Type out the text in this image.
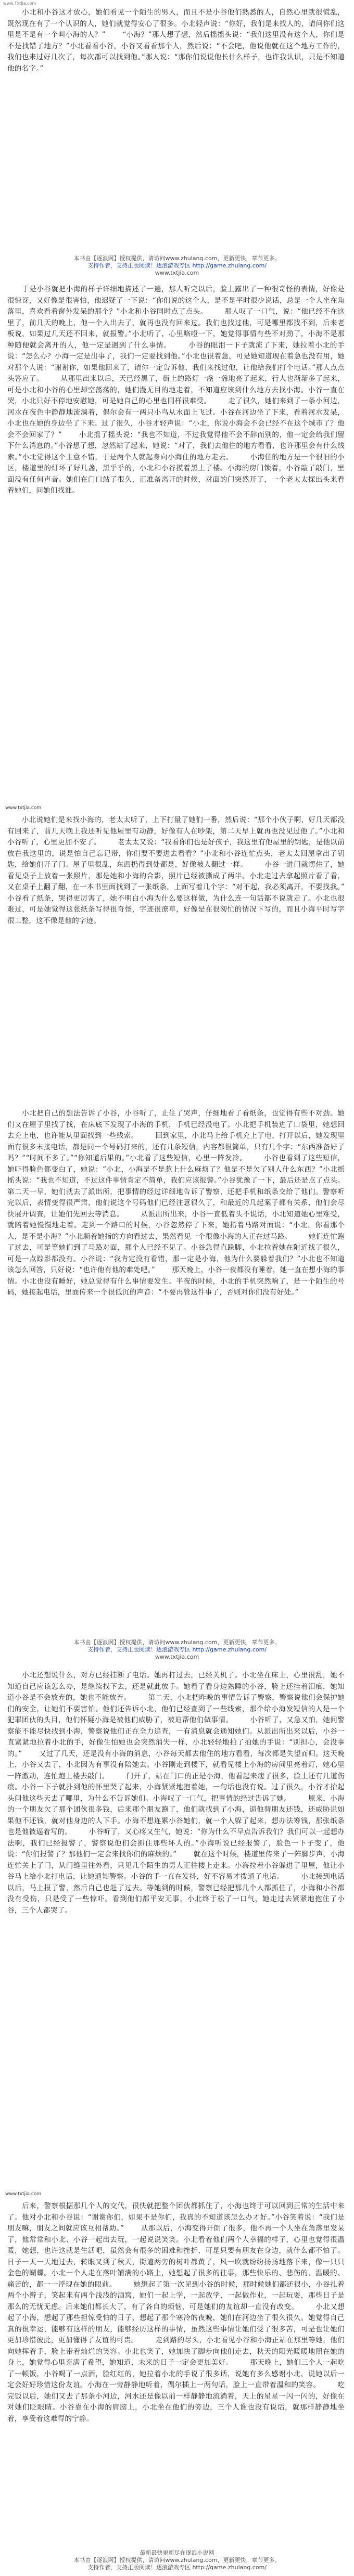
www.TxtJia.com
　　小北和小谷这才放心，她们看见一个陌生的男人，而且不是小谷他们熟悉的人，自然心里就很慌乱，既然现在有了一个认识的人，她们就觉得安心了很多。小北轻声说：“你好，我们是来找人的，请问你们这里是不是有一个叫小海的人？” 　　“小海？”那人想了想，然后摇摇头说：“我们这里没有这个人，你们是不是找错了地方？”小北看看小谷，小谷又看看那个人，然后说：“不会吧，他说他就在这个地方工作的，我们也来过好几次了，每次都可以找到他。”那人说：“那你们说说他长什么样子，也许我认识，只是不知道他的名字。”
本书由【逐浪网】授权提供，请访问www.zhulang.com，更新更快，章节更多。
支持作者，支持正版阅读！逐浪游戏专区 http://game.zhulang.com/
www.txtjia.com
　　于是小谷就把小海的样子详细地描述了一遍，那人听完以后，脸上露出了一种很奇怪的表情，好像是很惊讶，又好像是很害怕，他迟疑了一下说：“你们说的这个人，是不是平时很少说话，总是一个人坐在角落里，喜欢看着窗外发呆的那个？”小北和小谷同时点了点头。 　　那人叹了一口气，说：“他已经不在这里了，前几天的晚上，他一个人出去了，就再也没有回来过。我们也找过他，可是哪里都找不到，后来老板说，如果过几天还不回来，就报警。”小北听了，心里咯噔一下，她觉得事情有些不对劲了，小海不是那种随便就会离开的人，他一定是遇到了什么事情。 　　小谷的眼泪一下子就流了下来，她拉着小北的手说：“怎么办？小海一定是出事了，我们一定要找到他。”小北也很着急，可是她知道现在着急也没有用，她对那个人说：“谢谢你，如果他回来了，请你一定告诉他，我们来找过他，让他给我们打个电话。”那人点点头答应了。 　　从那里出来以后，天已经黑了，街上的路灯一盏一盏地亮了起来，行人也渐渐多了起来，可是小北和小谷的心里却空荡荡的，她们漫无目的地走着，不知道应该到什么地方去找小海。小谷一直在哭，小北只好不停地安慰她，可是她自己的心里也同样很难受。 　　走了很久，她们来到了一条小河边，河水在夜色中静静地流淌着，偶尔会有一两只小鸟从水面上飞过。小谷在河边坐了下来，看着河水发呆，小北也在她的身边坐了下来。过了很久，小谷才轻声说：“小北，你说小海会不会已经不在这个城市了？他会不会回家了？” 　　小北摇了摇头说：“我也不知道，不过我觉得他不会不辞而别的，他一定会给我们留下什么消息的。”小谷想了想，忽然站了起来，她说：“对了，我们去他住的地方看看，也许那里会有什么线索。”小北觉得这个主意不错，于是两个人就起身向小海住的地方走去。 　　小海住的地方是一个很旧的小区，楼道里的灯坏了好几盏，黑乎乎的，小北和小谷摸着黑上了楼。小海的房门锁着，小谷敲了敲门，里面没有任何声音。她们在门口站了很久，正准备离开的时候，对面的门突然开了，一个老太太探出头来看着她们，问她们找谁。
www.txtjia.com
　　小北说她们是来找小海的，老太太听了，上下打量了她们一番，然后说：“那个小伙子啊，好几天都没有回来了，前几天晚上我还听见他屋里有动静，好像有人在吵架，第二天早上就再也没见过他了。”小北和小谷听了，心里更加不安了。 　　老太太又说：“我看你们也是好孩子，我这里有他屋里的钥匙，是他以前放在我这里的，说是怕自己忘记带，你们要不要进去看看？”小北和小谷连忙点头，老太太回屋拿出了钥匙，给她们开了门。屋子里很乱，东西扔得到处都是，好像被人翻过一样。 　　小谷一进门就愣住了，她看见桌子上放着一张照片，那是她和小海的合影，照片已经被撕成了两半。小北走过去拿起照片看了看，又在桌子上翻了翻，在一本书里面找到了一张纸条，上面写着几个字：“对不起，我必须离开，不要找我。” 　　小谷看了纸条，哭得更厉害了，她不明白小海为什么要这样做，为什么连一句话都不说就走了。小北也很难过，可是她觉得这张纸条写得很奇怪，字迹很潦草，好像是在很匆忙的情况下写的，而且小海平时写字很工整，这不像是他的字迹。
　　小北把自己的想法告诉了小谷，小谷听了，止住了哭声，仔细地看了看纸条，也觉得有些不对劲。她们又在屋子里找了找，在床底下发现了小海的手机，手机已经没电了。小北把手机装进了口袋里，她想回去充上电，也许能从里面找到一些线索。 　　回到家里，小北马上给手机充上了电，打开以后，她发现里面有很多未接电话，都是同一个号码打来的，还有几条短信，内容都很简单，只有几个字：“东西准备好了吗？”“时间不多了。”“你知道后果的。”小北看了这些短信，心里一阵发冷。 　　小谷也看到了这些短信，她吓得脸色都变白了，她说：“小北，小海是不是惹上什么麻烦了？他是不是欠了别人什么东西？”小北摇摇头说：“我也不知道，不过这件事情肯定不简单，我们应该报警。”小谷犹豫了一下，最后还是点了点头。 　　第二天一早，她们就去了派出所，把事情的经过详细地告诉了警察，还把手机和纸条交给了他们。警察听完以后，表情变得很严肃，他们说这个号码他们已经注意很久了，和最近的几起案子都有关系，他们会尽快展开调查，让她们先回去等消息。 　　从派出所出来，小谷一直低着头不说话，小北知道她心里难受，就陪着她慢慢地走着。走到一个路口的时候，小谷忽然停了下来，她指着马路对面说：“小北，你看那个人，是不是小海？”小北顺着她指的方向看过去，果然看见一个很像小海的人正在过马路。 　　她们连忙跑了过去，可是等她们到了马路对面，那个人已经不见了。小谷急得直跺脚，小北拉着她在附近找了很久，可是一点踪影都没有。小谷说：“我肯定没有看错，那一定是小海，他为什么要躲着我们？”小北也不知道该怎么回答，只好说：“也许他有他的难处吧。” 　　那天晚上，小谷一夜都没有睡着，她一直在想小海的事情。小北也没有睡好，她总觉得有什么事情要发生。半夜的时候，小北的手机突然响了，是一个陌生的号码，她接起电话，里面传来一个很低沉的声音：“不要再管这件事了，否则对你们没有好处。”
本书由【逐浪网】授权提供，请访问www.zhulang.com，更新更快，章节更多。
支持作者，支持正版阅读！逐浪游戏专区 http://game.zhulang.com/
www.txtjia.com
　　小北还想说什么，对方已经挂断了电话。她再打过去，已经关机了。小北坐在床上，心里很乱，她不知道自己应该怎么办，是继续找下去，还是就此放手。她看了看身边熟睡的小谷，脸上还挂着泪痕，她知道小谷是不会放弃的，她也不能放弃。 　　第二天，小北把昨晚的事情告诉了警察，警察说他们会保护她们的安全，让她们不要害怕。他们还告诉小北，他们已经查到了一些线索，那个给小海发短信的人是一个犯罪团伙的头目，他们怀疑小海是被他们威胁了，被迫帮他们做事情。 　　小谷听了，又急又怕，她问警察能不能尽快找到小海，警察说他们正在全力追查，一有消息就会通知她们。从派出所出来以后，小谷一直紧紧地拉着小北的手，好像生怕她也会突然消失一样，小北轻轻地拍了拍她的手说：“别担心，会没事的。” 　　又过了几天，还是没有小海的消息，小谷每天都去他住的地方看看，每次都是失望而归。这天晚上，小谷又去了，小北因为有事没有陪她去。小谷刚走到楼下，就看见楼上小海的房间里亮着灯，她心里一阵激动，连忙跑上楼去敲门。 　　门开了，站在门口的正是小海，他看起来瘦了很多，脸上还有几道伤痕。小谷一下子就扑到他的怀里哭了起来，小海紧紧地抱着她，一句话也没有说。过了很久，小谷才抬起头问他这些天去了哪里，为什么不告诉她们。小海叹了一口气，把事情的经过告诉了她。 　　原来，小海的一个朋友欠了那个团伙很多钱，后来那个朋友跑了，他们就找到了小海，逼他替朋友还钱，还威胁说如果他不还钱，就对他身边的人下手。小海不想连累小谷她们，就一个人躲了起来，想办法筹钱，那张纸条也是他被逼着写的。 　　小谷听了，又心疼又生气，她说：“你为什么不早点告诉我们？我们可以一起想办法啊，我们已经报警了，警察说他们会抓住那些坏人的。”小海听说已经报警了，脸色一下子变了，他说：“你们报警了？那他们一定会来找你们的麻烦的。” 　　就在这个时候，楼道里传来了一阵脚步声，小海连忙关上了门，从门缝里往外看，只见几个陌生的男人正往楼上走来。小海拉着小谷躲进了里屋，他让小谷马上给小北打电话，让她通知警察。小谷的手一直在发抖，好不容易才拨通了电话。 　　小北接到电话以后，马上报了警，然后自己也赶了过去。等她到的时候，警察已经把那几个人都抓住了，小海和小谷都没有受伤，只是受了一些惊吓。看到他们都平安无事，小北终于松了一口气，她走过去紧紧地抱住了小谷，三个人都哭了。
www.txtjia.com
　　后来，警察根据那几个人的交代，很快就把整个团伙都抓住了，小海也终于可以回到正常的生活中来了。他对小北和小谷说：“谢谢你们，如果不是你们，我真的不知道该怎么办才好。”小谷笑着说：“我们是朋友嘛，朋友之间就应该互相帮助。” 　　从那以后，小海变得开朗了很多，他不再一个人坐在角落里发呆了，他常常和小北、小谷一起出去玩，一起说说笑笑。小北看着他们两个人幸福的样子，心里也觉得很温暖，她想，也许这就是生活吧，虽然会有很多的困难和挫折，可是只要有朋友在身边，就什么都不怕了。 　　日子一天一天地过去，转眼又到了秋天，街道两旁的树叶都黄了，风一吹就纷纷扬扬地落下来，像一只只金色的蝴蝶。小北一个人走在落叶铺满的小路上，她想起了很多的往事，那些快乐的、悲伤的、温暖的、痛苦的，都一一浮现在她的眼前。 　　她想起了第一次见到小谷的时候，那时候她们都还很小，小谷扎着两个小辫子，笑起来有两个浅浅的酒窝，她们一起上学，一起放学，一起做作业，一起玩耍，那些日子是那么的无忧无虑。后来她们都长大了，有了各自的烦恼，可是她们的友谊却一直没有改变。 　　小北又想起了小海，想起了那些担惊受怕的日子，想起了那个寒冷的夜晚，她们在河边坐了很久很久。她觉得自己真的很幸运，能够有这样的朋友，能够经历这样的事情，虽然这些事情让她们受了很多苦，可是也让她们更加珍惜彼此，更加懂得了友谊的可贵。 　　走到路的尽头，小北看见小谷和小海正站在那里等她，他们向她挥着手，脸上带着灿烂的笑容。小北也笑了，她加快了脚步向他们走去，秋天的阳光暖暖地照在她的身上，她觉得心里充满了希望，她知道，未来的日子一定会更加美好。 　　那天晚上，她们三个人一起吃了一顿饭，小谷喝了一点酒，脸红红的，她拉着小北的手说了很多话，说她有多么感谢小北，说她以后一定会好好珍惜这份友谊。小海在一旁静静地听着，偶尔插上一两句话，脸上一直带着温和的笑容。 　　吃完饭以后，她们又去了那条小河边，河水还是像以前一样静静地流淌着，天上的星星一闪一闪的，好像在对她们眨眼睛。小谷靠在小海的肩膀上，小北坐在他们的旁边，三个人谁也没有说话，就那样静静地坐着，享受着这难得的宁静。
最新最快更新尽在逐浪小说网
本书由【逐浪网】授权提供，请访问www.zhulang.com，更新更快，章节更多。
支持作者，支持正版阅读！逐浪游戏专区 http://game.zhulang.com/
